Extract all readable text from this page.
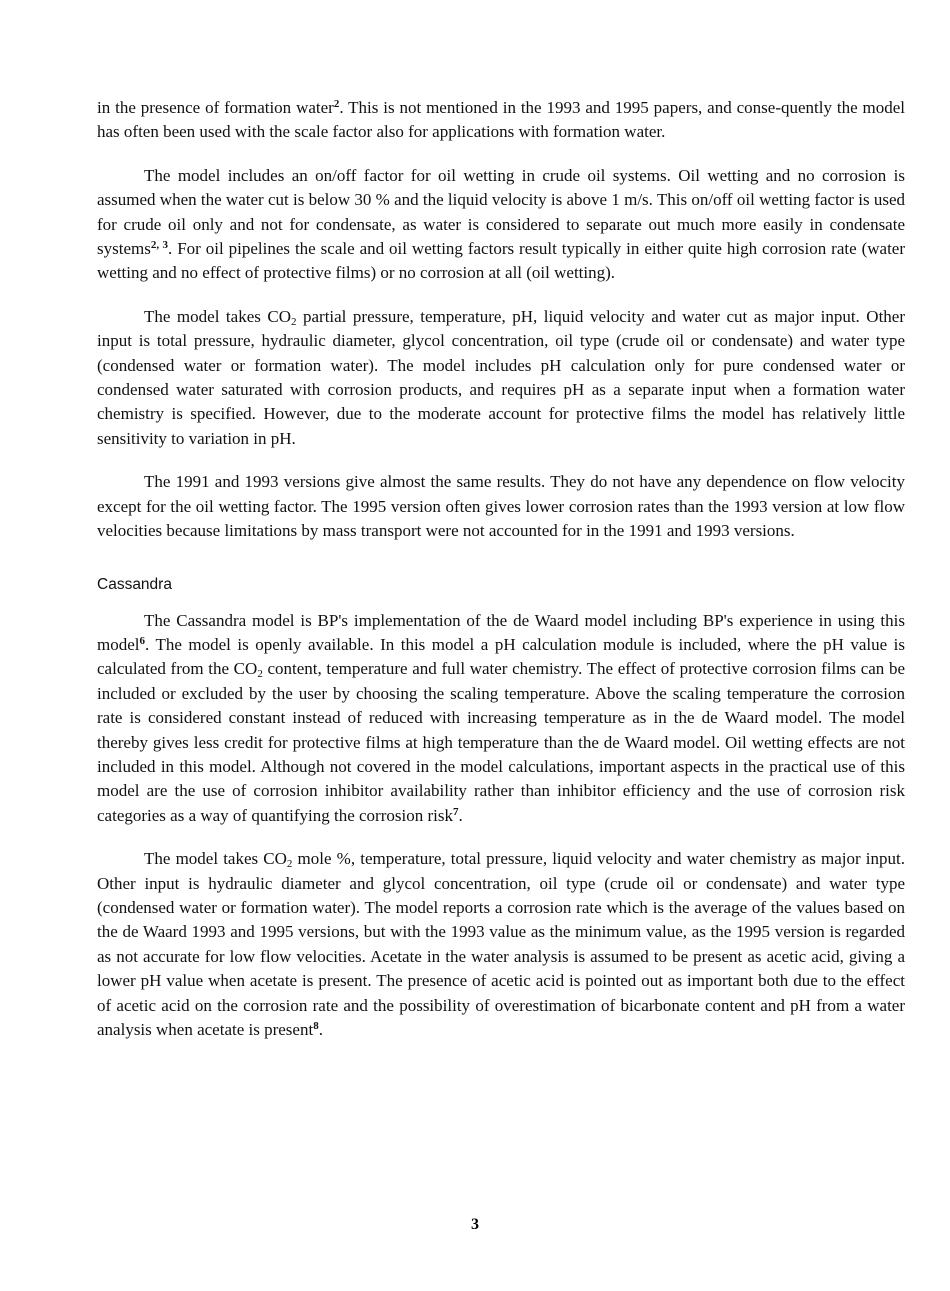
in the presence of formation water$^2$. This is not mentioned in the 1993 and 1995 papers, and conse-quently the model has often been used with the scale factor also for applications with formation water.

The model includes an on/off factor for oil wetting in crude oil systems. Oil wetting and no corrosion is assumed when the water cut is below 30 % and the liquid velocity is above 1 m/s. This on/off oil wetting factor is used for crude oil only and not for condensate, as water is considered to separate out much more easily in condensate systems$^{2, 3}$. For oil pipelines the scale and oil wetting factors result typically in either quite high corrosion rate (water wetting and no effect of protective films) or no corrosion at all (oil wetting).

The model takes $CO_2$ partial pressure, temperature, pH, liquid velocity and water cut as major input. Other input is total pressure, hydraulic diameter, glycol concentration, oil type (crude oil or condensate) and water type (condensed water or formation water). The model includes pH calculation only for pure condensed water or condensed water saturated with corrosion products, and requires pH as a separate input when a formation water chemistry is specified. However, due to the moderate account for protective films the model has relatively little sensitivity to variation in pH.

The 1991 and 1993 versions give almost the same results. They do not have any dependence on flow velocity except for the oil wetting factor. The 1995 version often gives lower corrosion rates than the 1993 version at low flow velocities because limitations by mass transport were not accounted for in the 1991 and 1993 versions.

Cassandra

The Cassandra model is BP's implementation of the de Waard model including BP's experience in using this model$^6$. The model is openly available. In this model a pH calculation module is included, where the pH value is calculated from the $CO_2$ content, temperature and full water chemistry. The effect of protective corrosion films can be included or excluded by the user by choosing the scaling temperature. Above the scaling temperature the corrosion rate is considered constant instead of reduced with increasing temperature as in the de Waard model. The model thereby gives less credit for protective films at high temperature than the de Waard model. Oil wetting effects are not included in this model. Although not covered in the model calculations, important aspects in the practical use of this model are the use of corrosion inhibitor availability rather than inhibitor efficiency and the use of corrosion risk categories as a way of quantifying the corrosion risk$^7$.

The model takes $CO_2$ mole %, temperature, total pressure, liquid velocity and water chemistry as major input. Other input is hydraulic diameter and glycol concentration, oil type (crude oil or condensate) and water type (condensed water or formation water). The model reports a corrosion rate which is the average of the values based on the de Waard 1993 and 1995 versions, but with the 1993 value as the minimum value, as the 1995 version is regarded as not accurate for low flow velocities. Acetate in the water analysis is assumed to be present as acetic acid, giving a lower pH value when acetate is present. The presence of acetic acid is pointed out as important both due to the effect of acetic acid on the corrosion rate and the possibility of overestimation of bicarbonate content and pH from a water analysis when acetate is present$^8$.

3
